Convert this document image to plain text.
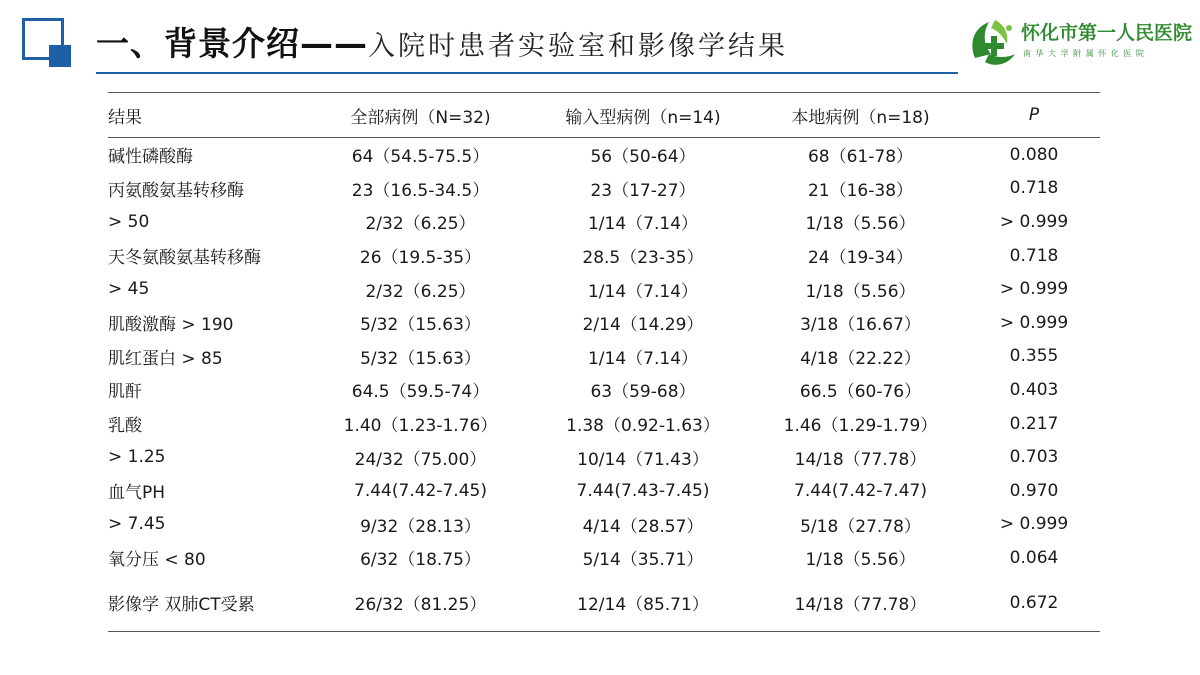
一、背景介绍—— 入院时患者实验室和影像学结果	怀化市第一人民医院
南 华 大 学 附 属 怀 化 医 院
结果	全部病例（N=32)	输入型病例（n=14)	本地病例（n=18)	P
碱性磷酸酶	64（54.5-75.5）	56（50-64）	68（61-78）	0.080
丙氨酸氨基转移酶	23（16.5-34.5）	23（17-27）	21（16-38）	0.718
> 50	2/32（6.25）	1/14（7.14）	1/18（5.56）	> 0.999
天冬氨酸氨基转移酶	26（19.5-35）	28.5（23-35）	24（19-34）	0.718
> 45	2/32（6.25）	1/14（7.14）	1/18（5.56）	> 0.999
肌酸激酶 > 190	5/32（15.63）	2/14（14.29）	3/18（16.67）	> 0.999
肌红蛋白 > 85	5/32（15.63）	1/14（7.14）	4/18（22.22）	0.355
肌酐	64.5（59.5-74）	63（59-68）	66.5（60-76）	0.403
乳酸	1.40（1.23-1.76）	1.38（0.92-1.63）	1.46（1.29-1.79）	0.217
> 1.25	24/32（75.00）	10/14（71.43）	14/18（77.78）	0.703
血气PH	7.44(7.42-7.45)	7.44(7.43-7.45)	7.44(7.42-7.47)	0.970
> 7.45	9/32（28.13）	4/14（28.57）	5/18（27.78）	> 0.999
氧分压 < 80	6/32（18.75）	5/14（35.71）	1/18（5.56）	0.064
影像学 双肺CT受累	26/32（81.25）	12/14（85.71）	14/18（77.78）	0.672
